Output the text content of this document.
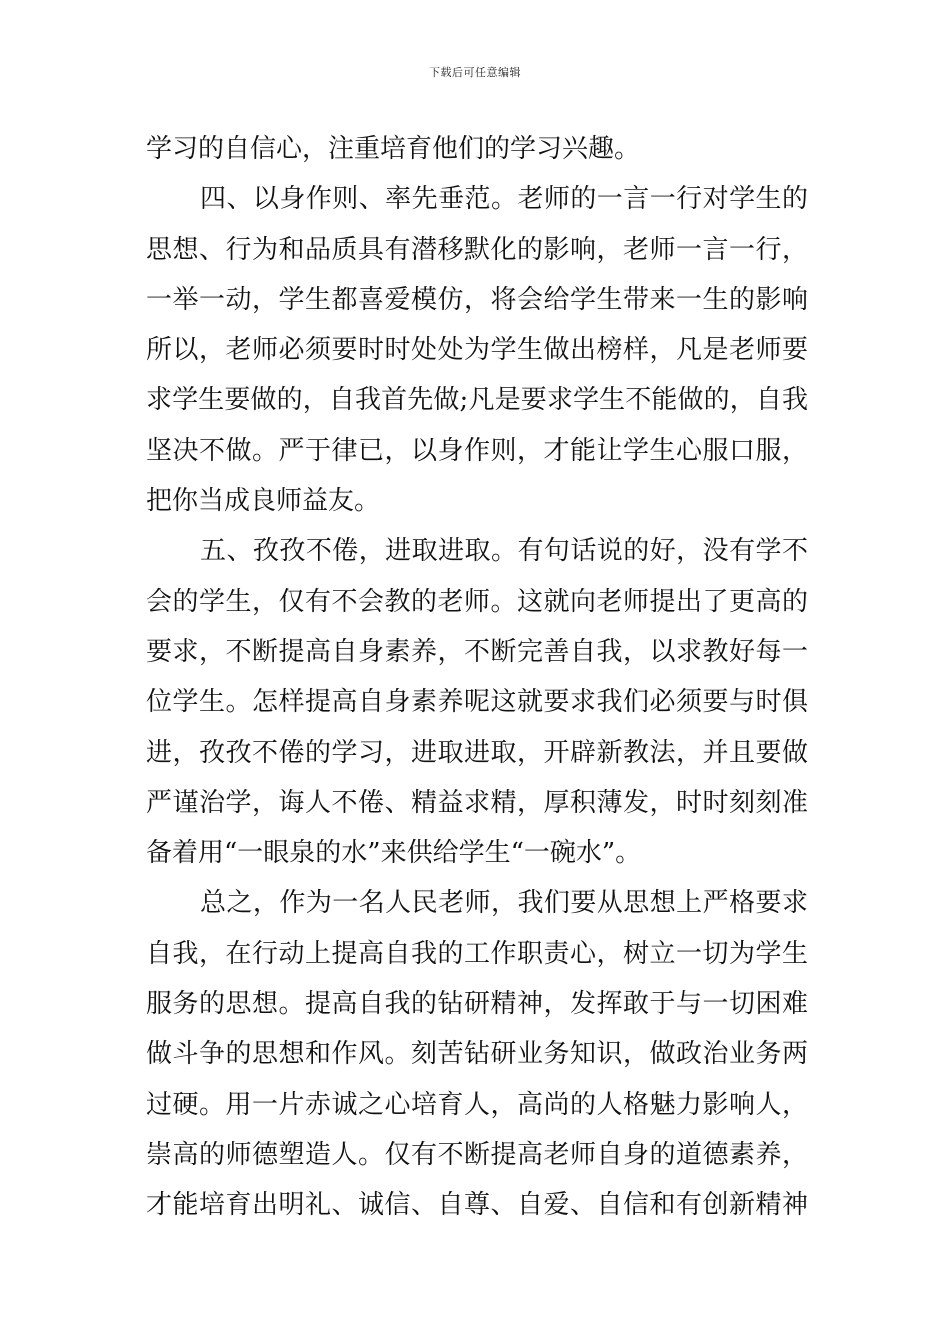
下载后可任意编辑
学习的自信心，注重培育他们的学习兴趣。
四、以身作则、率先垂范。老师的一言一行对学生的
思想、行为和品质具有潜移默化的影响，老师一言一行，
一举一动，学生都喜爱模仿，将会给学生带来一生的影响
所以，老师必须要时时处处为学生做出榜样，凡是老师要
求学生要做的，自我首先做;凡是要求学生不能做的，自我
坚决不做。严于律已，以身作则，才能让学生心服口服，
把你当成良师益友。
五、孜孜不倦，进取进取。有句话说的好，没有学不
会的学生，仅有不会教的老师。这就向老师提出了更高的
要求，不断提高自身素养，不断完善自我，以求教好每一
位学生。怎样提高自身素养呢这就要求我们必须要与时俱
进，孜孜不倦的学习，进取进取，开辟新教法，并且要做
严谨治学，诲人不倦、精益求精，厚积薄发，时时刻刻准
备着用“一眼泉的水”来供给学生“一碗水”。
总之，作为一名人民老师，我们要从思想上严格要求
自我，在行动上提高自我的工作职责心，树立一切为学生
服务的思想。提高自我的钻研精神，发挥敢于与一切困难
做斗争的思想和作风。刻苦钻研业务知识，做政治业务两
过硬。用一片赤诚之心培育人，高尚的人格魅力影响人，
崇高的师德塑造人。仅有不断提高老师自身的道德素养，
才能培育出明礼、诚信、自尊、自爱、自信和有创新精神
